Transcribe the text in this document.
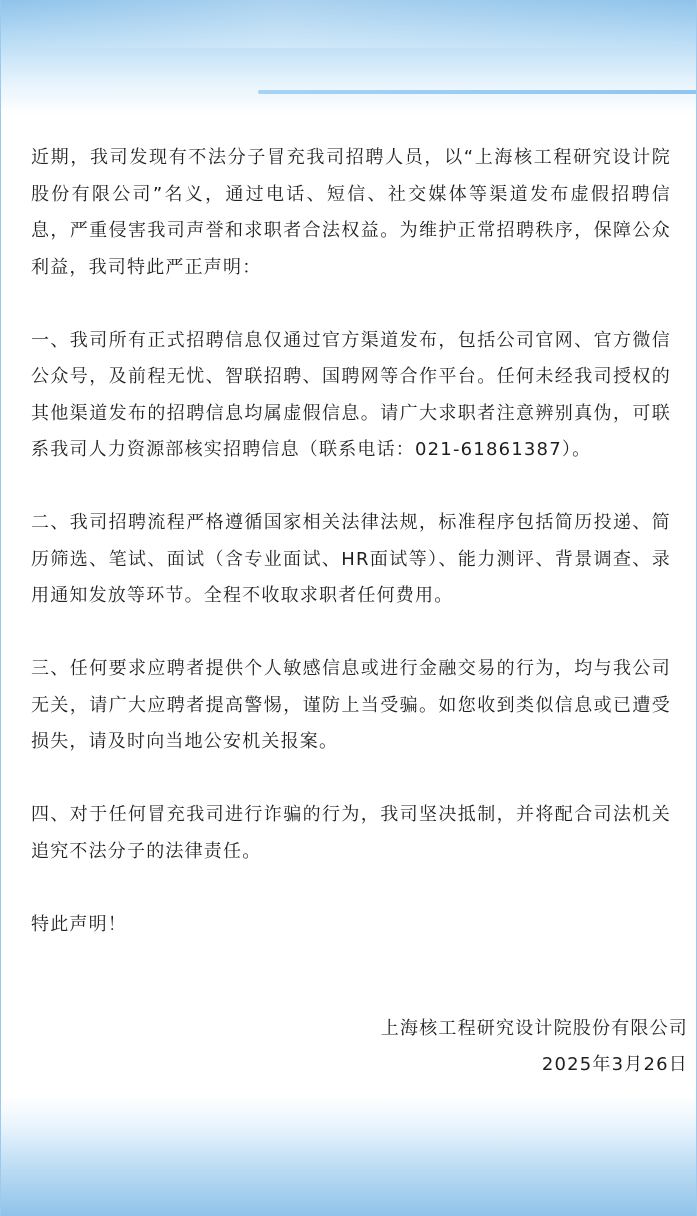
近期，我司发现有不法分子冒充我司招聘人员，以“上海核工程研究设计院股份有限公司”名义，通过电话、短信、社交媒体等渠道发布虚假招聘信息，严重侵害我司声誉和求职者合法权益。为维护正常招聘秩序，保障公众利益，我司特此严正声明：

一、我司所有正式招聘信息仅通过官方渠道发布，包括公司官网、官方微信公众号，及前程无忧、智联招聘、国聘网等合作平台。任何未经我司授权的其他渠道发布的招聘信息均属虚假信息。请广大求职者注意辨别真伪，可联系我司人力资源部核实招聘信息（联系电话：021-61861387）。

二、我司招聘流程严格遵循国家相关法律法规，标准程序包括简历投递、简历筛选、笔试、面试（含专业面试、HR面试等）、能力测评、背景调查、录用通知发放等环节。全程不收取求职者任何费用。

三、任何要求应聘者提供个人敏感信息或进行金融交易的行为，均与我公司无关，请广大应聘者提高警惕，谨防上当受骗。如您收到类似信息或已遭受损失，请及时向当地公安机关报案。

四、对于任何冒充我司进行诈骗的行为，我司坚决抵制，并将配合司法机关追究不法分子的法律责任。

特此声明！

上海核工程研究设计院股份有限公司
2025年3月26日
